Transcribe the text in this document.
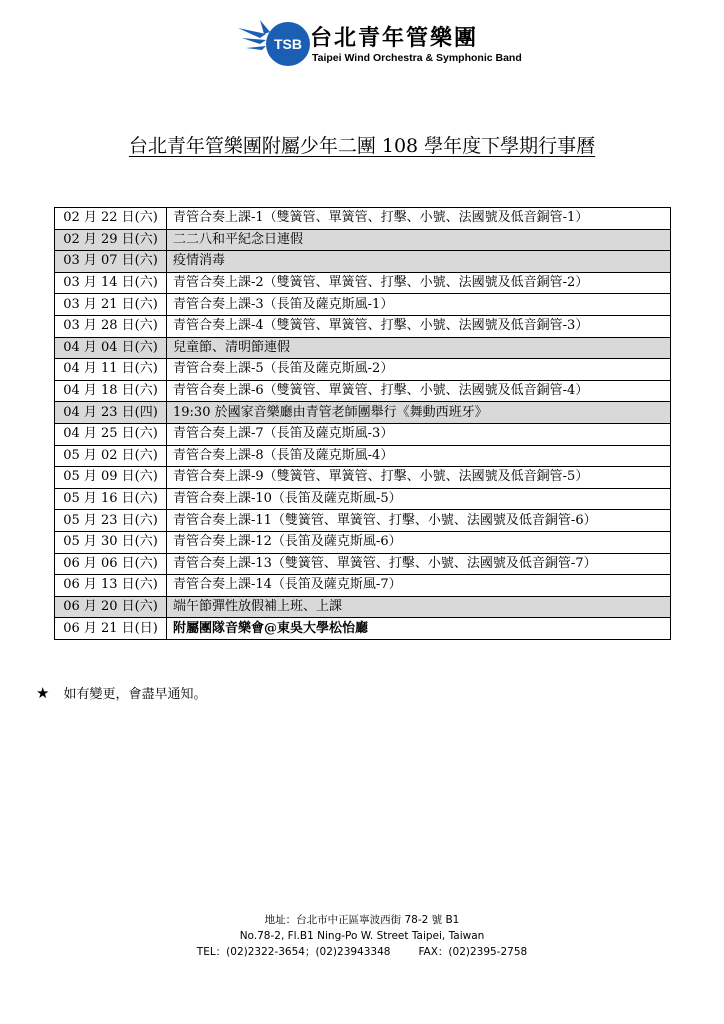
TSB 台北青年管樂團
Taipei Wind Orchestra & Symphonic Band
台北青年管樂團附屬少年二團 108 學年度下學期行事曆
02 月 22 日(六)	青管合奏上課-1（雙簧管、單簧管、打擊、小號、法國號及低音銅管-1）
02 月 29 日(六)	二二八和平紀念日連假
03 月 07 日(六)	疫情消毒
03 月 14 日(六)	青管合奏上課-2（雙簧管、單簧管、打擊、小號、法國號及低音銅管-2）
03 月 21 日(六)	青管合奏上課-3（長笛及薩克斯風-1）
03 月 28 日(六)	青管合奏上課-4（雙簧管、單簧管、打擊、小號、法國號及低音銅管-3）
04 月 04 日(六)	兒童節、清明節連假
04 月 11 日(六)	青管合奏上課-5（長笛及薩克斯風-2）
04 月 18 日(六)	青管合奏上課-6（雙簧管、單簧管、打擊、小號、法國號及低音銅管-4）
04 月 23 日(四)	19:30 於國家音樂廳由青管老師團舉行《舞動西班牙》
04 月 25 日(六)	青管合奏上課-7（長笛及薩克斯風-3）
05 月 02 日(六)	青管合奏上課-8（長笛及薩克斯風-4）
05 月 09 日(六)	青管合奏上課-9（雙簧管、單簧管、打擊、小號、法國號及低音銅管-5）
05 月 16 日(六)	青管合奏上課-10（長笛及薩克斯風-5）
05 月 23 日(六)	青管合奏上課-11（雙簧管、單簧管、打擊、小號、法國號及低音銅管-6）
05 月 30 日(六)	青管合奏上課-12（長笛及薩克斯風-6）
06 月 06 日(六)	青管合奏上課-13（雙簧管、單簧管、打擊、小號、法國號及低音銅管-7）
06 月 13 日(六)	青管合奏上課-14（長笛及薩克斯風-7）
06 月 20 日(六)	端午節彈性放假補上班、上課
06 月 21 日(日)	附屬團隊音樂會@東吳大學松怡廳
★ 如有變更，會盡早通知。
地址：台北市中正區寧波西街 78-2 號 B1
No.78-2, Fl.B1 Ning-Po W. Street Taipei, Taiwan
TEL：(02)2322-3654；(02)23943348	FAX：(02)2395-2758
